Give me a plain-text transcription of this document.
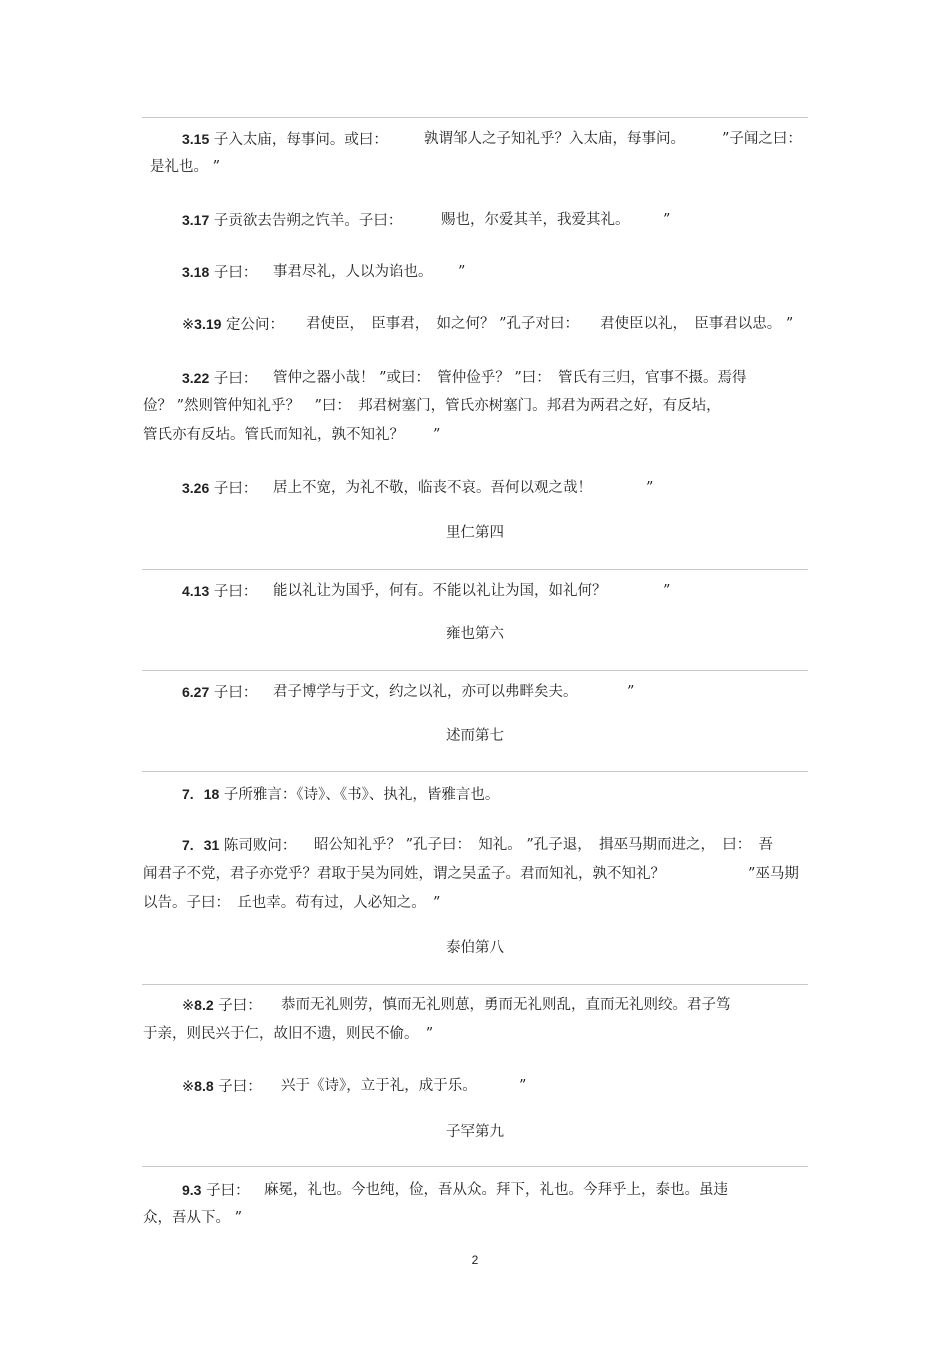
3.15 子入太庙，每事问。或曰： 孰谓邹人之子知礼乎？入太庙，每事问。	”子闻之曰：
是礼也。 ”
3.17 子贡欲去告朔之饩羊。子曰：	赐也，尔爱其羊，我爱其礼。 ”
3.18 子曰： 事君尽礼，人以为谄也。 ”
※3.19 定公问： 君使臣，　臣事君，　如之何？ ”孔子对曰： 君使臣以礼，　臣事君以忠。 ”
3.22 子曰： 管仲之器小哉！ ”或曰：　管仲俭乎？ ”曰：　管氏有三归，官事不摄。焉得
俭？ ”然则管仲知礼乎？　”曰：　邦君树塞门，管氏亦树塞门。邦君为两君之好，有反坫，
管氏亦有反坫。管氏而知礼，孰不知礼？　　”
3.26 子曰： 居上不宽，为礼不敬，临丧不哀。吾何以观之哉！	”
里仁第四
4.13 子曰： 能以礼让为国乎，何有。不能以礼让为国，如礼何？	”
雍也第六
6.27 子曰： 君子博学与于文，约之以礼，亦可以弗畔矣夫。	”
述而第七
7. 18 子所雅言：《诗》、《书》、执礼，皆雅言也。
7. 31 陈司败问： 昭公知礼乎？ ”孔子曰：　知礼。 ”孔子退，　揖巫马期而进之，　曰：　吾
闻君子不党，君子亦党乎？君取于吴为同姓，谓之吴孟子。君而知礼，孰不知礼？	”巫马期
以告。子曰：　丘也幸。苟有过，人必知之。　”
泰伯第八
※8.2 子曰： 恭而无礼则劳，慎而无礼则葸，勇而无礼则乱，直而无礼则绞。君子笃
于亲，则民兴于仁，故旧不遗，则民不偷。　”
※8.8 子曰： 兴于《诗》，立于礼，成于乐。	”
子罕第九
9.3 子曰： 麻冕，礼也。今也纯，俭，吾从众。拜下，礼也。今拜乎上，泰也。虽违
众，吾从下。 ”
2
